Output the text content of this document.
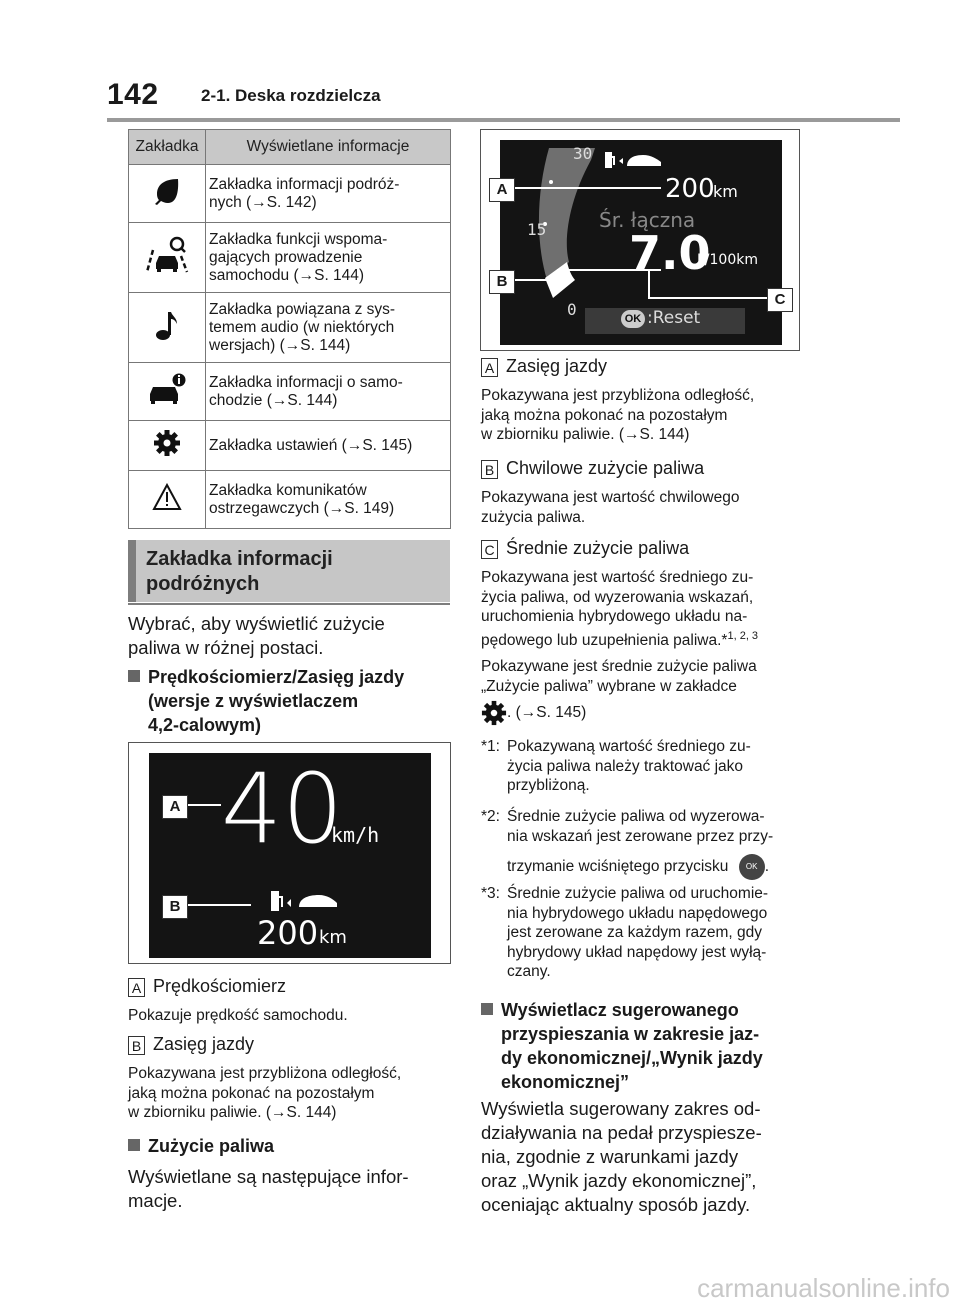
142 2-1. Deska rozdzielcza
Zakładka	Wyświetlane informacje

Zakładka informacji podróż-
nych (→S. 142)

Zakładka funkcji wspoma-
gających prowadzenie
samochodu (→S. 144)

Zakładka powiązana z sys-
temem audio (w niektórych
wersjach) (→S. 144)

Zakładka informacji o samo-
chodzie (→S. 144)

Zakładka ustawień (→S. 145)

Zakładka komunikatów
ostrzegawczych (→S. 149)
Zakładka informacji
podróżnych
Wybrać, aby wyświetlić zużycie
paliwa w różnej postaci.
Prędkościomierz/Zasięg jazdy
(wersje z wyświetlaczem
4,2-calowym)
A
B
40
km/h
200 km
A Prędkościomierz
Pokazuje prędkość samochodu.
B Zasięg jazdy
Pokazywana jest przybliżona odległość,
jaką można pokonać na pozostałym
w zbiorniku paliwie. (→S. 144)
Zużycie paliwa
Wyświetlane są następujące infor-
macje.
30
15
0
200
km
Śr. łączna
7.0
L/100km
OK :Reset
A
B
C
A Zasięg jazdy
Pokazywana jest przybliżona odległość,
jaką można pokonać na pozostałym
w zbiorniku paliwie. (→S. 144)
B Chwilowe zużycie paliwa
Pokazywana jest wartość chwilowego
zużycia paliwa.
C Średnie zużycie paliwa
Pokazywana jest wartość średniego zu-
życia paliwa, od wyzerowania wskazań,
uruchomienia hybrydowego układu na-
pędowego lub uzupełnienia paliwa.*$^{1, 2, 3}$
Pokazywane jest średnie zużycie paliwa
„Zużycie paliwa” wybrane w zakładce
. (→S. 145)
*1: Pokazywaną wartość średniego zu-
życia paliwa należy traktować jako
przybliżoną.
*2: Średnie zużycie paliwa od wyzerowa-
nia wskazań jest zerowane przez przy-
trzymanie wciśniętego przycisku OK .
*3: Średnie zużycie paliwa od uruchomie-
nia hybrydowego układu napędowego
jest zerowane za każdym razem, gdy
hybrydowy układ napędowy jest wyłą-
czany.
Wyświetlacz sugerowanego
przyspieszania w zakresie jaz-
dy ekonomicznej/„Wynik jazdy
ekonomicznej”
Wyświetla sugerowany zakres od-
działywania na pedał przyspiesze-
nia, zgodnie z warunkami jazdy
oraz „Wynik jazdy ekonomicznej”,
oceniając aktualny sposób jazdy.
carmanualsonline.info
